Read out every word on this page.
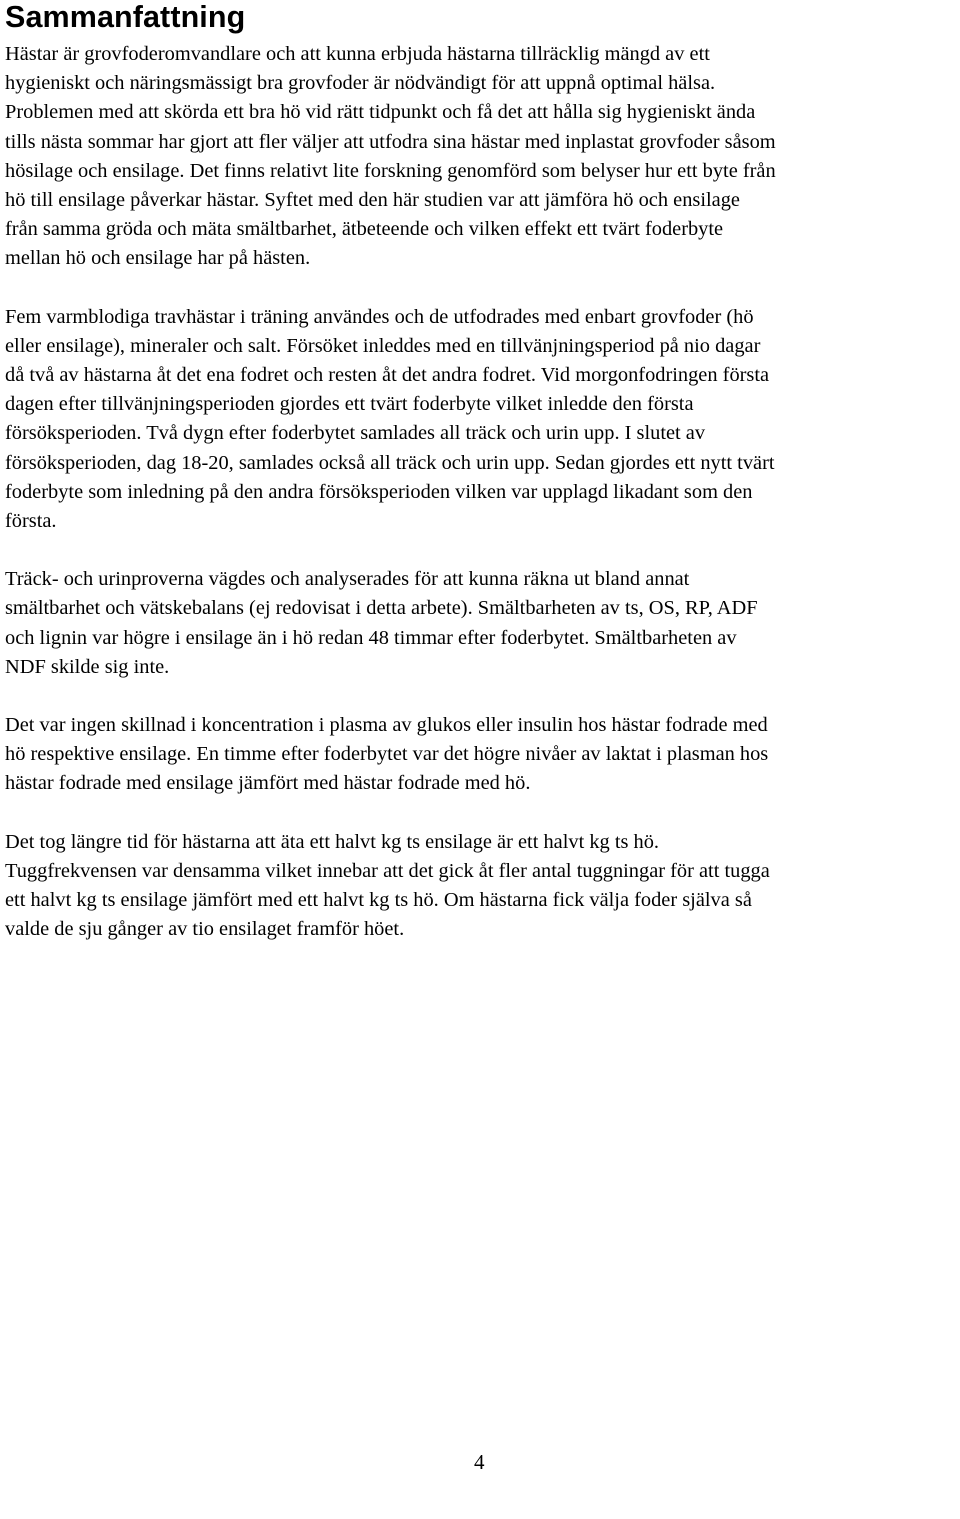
Sammanfattning

Hästar är grovfoderomvandlare och att kunna erbjuda hästarna tillräcklig mängd av ett
hygieniskt och näringsmässigt bra grovfoder är nödvändigt för att uppnå optimal hälsa.
Problemen med att skörda ett bra hö vid rätt tidpunkt och få det att hålla sig hygieniskt ända
tills nästa sommar har gjort att fler väljer att utfodra sina hästar med inplastat grovfoder såsom
hösilage och ensilage. Det finns relativt lite forskning genomförd som belyser hur ett byte från
hö till ensilage påverkar hästar. Syftet med den här studien var att jämföra hö och ensilage
från samma gröda och mäta smältbarhet, ätbeteende och vilken effekt ett tvärt foderbyte
mellan hö och ensilage har på hästen.

Fem varmblodiga travhästar i träning användes och de utfodrades med enbart grovfoder (hö
eller ensilage), mineraler och salt. Försöket inleddes med en tillvänjningsperiod på nio dagar
då två av hästarna åt det ena fodret och resten åt det andra fodret. Vid morgonfodringen första
dagen efter tillvänjningsperioden gjordes ett tvärt foderbyte vilket inledde den första
försöksperioden. Två dygn efter foderbytet samlades all träck och urin upp. I slutet av
försöksperioden, dag 18-20, samlades också all träck och urin upp. Sedan gjordes ett nytt tvärt
foderbyte som inledning på den andra försöksperioden vilken var upplagd likadant som den
första.

Träck- och urinproverna vägdes och analyserades för att kunna räkna ut bland annat
smältbarhet och vätskebalans (ej redovisat i detta arbete). Smältbarheten av ts, OS, RP, ADF
och lignin var högre i ensilage än i hö redan 48 timmar efter foderbytet. Smältbarheten av
NDF skilde sig inte.

Det var ingen skillnad i koncentration i plasma av glukos eller insulin hos hästar fodrade med
hö respektive ensilage. En timme efter foderbytet var det högre nivåer av laktat i plasman hos
hästar fodrade med ensilage jämfört med hästar fodrade med hö.

Det tog längre tid för hästarna att äta ett halvt kg ts ensilage är ett halvt kg ts hö.
Tuggfrekvensen var densamma vilket innebar att det gick åt fler antal tuggningar för att tugga
ett halvt kg ts ensilage jämfört med ett halvt kg ts hö. Om hästarna fick välja foder själva så
valde de sju gånger av tio ensilaget framför höet.

4
